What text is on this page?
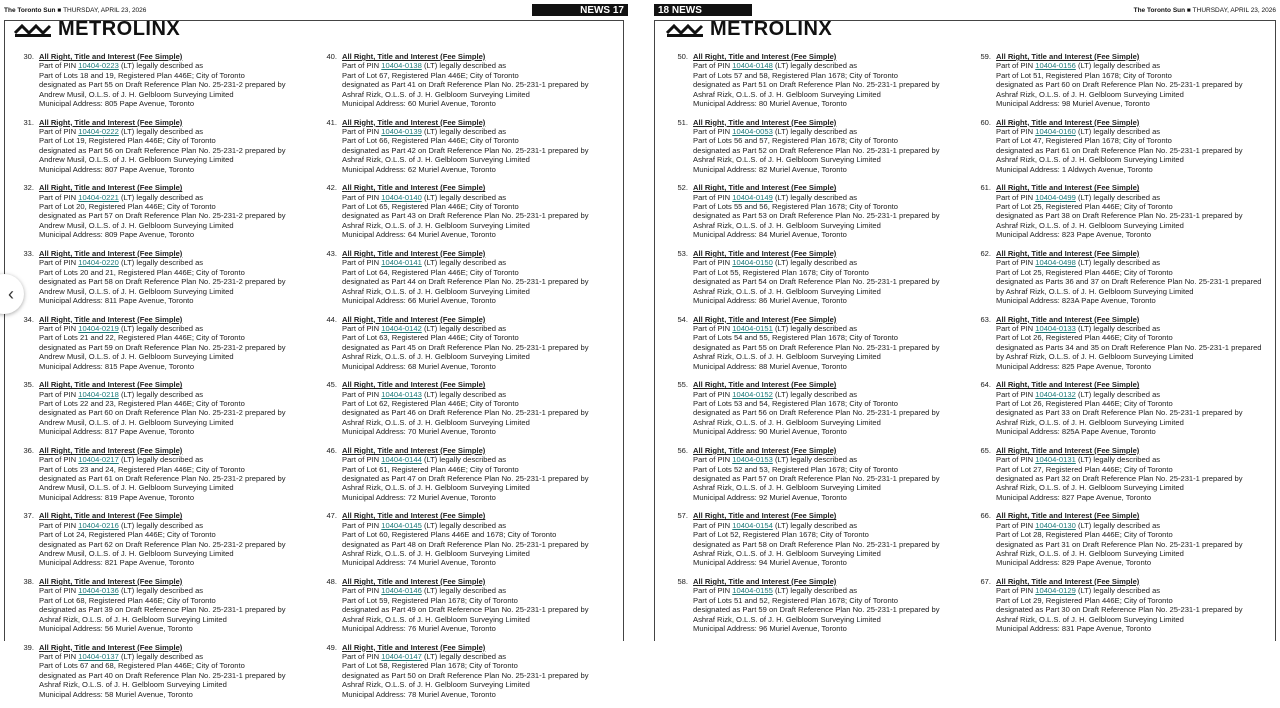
The Toronto Sun ■ THURSDAY, APRIL 23, 2026	NEWS 17
METROLINX
30. All Right, Title and Interest (Fee Simple)
Part of PIN 10404-0223 (LT) legally described as
Part of Lots 18 and 19, Registered Plan 446E; City of Toronto
designated as Part 55 on Draft Reference Plan No. 25-231-2 prepared by
Andrew Musil, O.L.S. of J. H. Gelbloom Surveying Limited
Municipal Address: 805 Pape Avenue, Toronto
31. All Right, Title and Interest (Fee Simple)
Part of PIN 10404-0222 (LT) legally described as
Part of Lot 19, Registered Plan 446E; City of Toronto
designated as Part 56 on Draft Reference Plan No. 25-231-2 prepared by
Andrew Musil, O.L.S. of J. H. Gelbloom Surveying Limited
Municipal Address: 807 Pape Avenue, Toronto
32. All Right, Title and Interest (Fee Simple)
Part of PIN 10404-0221 (LT) legally described as
Part of Lot 20, Registered Plan 446E; City of Toronto
designated as Part 57 on Draft Reference Plan No. 25-231-2 prepared by
Andrew Musil, O.L.S. of J. H. Gelbloom Surveying Limited
Municipal Address: 809 Pape Avenue, Toronto
33. All Right, Title and Interest (Fee Simple)
Part of PIN 10404-0220 (LT) legally described as
Part of Lots 20 and 21, Registered Plan 446E; City of Toronto
designated as Part 58 on Draft Reference Plan No. 25-231-2 prepared by
Andrew Musil, O.L.S. of J. H. Gelbloom Surveying Limited
Municipal Address: 811 Pape Avenue, Toronto
34. All Right, Title and Interest (Fee Simple)
Part of PIN 10404-0219 (LT) legally described as
Part of Lots 21 and 22, Registered Plan 446E; City of Toronto
designated as Part 59 on Draft Reference Plan No. 25-231-2 prepared by
Andrew Musil, O.L.S. of J. H. Gelbloom Surveying Limited
Municipal Address: 815 Pape Avenue, Toronto
35. All Right, Title and Interest (Fee Simple)
Part of PIN 10404-0218 (LT) legally described as
Part of Lots 22 and 23, Registered Plan 446E; City of Toronto
designated as Part 60 on Draft Reference Plan No. 25-231-2 prepared by
Andrew Musil, O.L.S. of J. H. Gelbloom Surveying Limited
Municipal Address: 817 Pape Avenue, Toronto
36. All Right, Title and Interest (Fee Simple)
Part of PIN 10404-0217 (LT) legally described as
Part of Lots 23 and 24, Registered Plan 446E; City of Toronto
designated as Part 61 on Draft Reference Plan No. 25-231-2 prepared by
Andrew Musil, O.L.S. of J. H. Gelbloom Surveying Limited
Municipal Address: 819 Pape Avenue, Toronto
37. All Right, Title and Interest (Fee Simple)
Part of PIN 10404-0216 (LT) legally described as
Part of Lot 24, Registered Plan 446E; City of Toronto
designated as Part 62 on Draft Reference Plan No. 25-231-2 prepared by
Andrew Musil, O.L.S. of J. H. Gelbloom Surveying Limited
Municipal Address: 821 Pape Avenue, Toronto
38. All Right, Title and Interest (Fee Simple)
Part of PIN 10404-0136 (LT) legally described as
Part of Lot 68, Registered Plan 446E; City of Toronto
designated as Part 39 on Draft Reference Plan No. 25-231-1 prepared by
Ashraf Rizk, O.L.S. of J. H. Gelbloom Surveying Limited
Municipal Address: 56 Muriel Avenue, Toronto
39. All Right, Title and Interest (Fee Simple)
Part of PIN 10404-0137 (LT) legally described as
Part of Lots 67 and 68, Registered Plan 446E; City of Toronto
designated as Part 40 on Draft Reference Plan No. 25-231-1 prepared by
Ashraf Rizk, O.L.S. of J. H. Gelbloom Surveying Limited
Municipal Address: 58 Muriel Avenue, Toronto
40. All Right, Title and Interest (Fee Simple)
Part of PIN 10404-0138 (LT) legally described as
Part of Lot 67, Registered Plan 446E; City of Toronto
designated as Part 41 on Draft Reference Plan No. 25-231-1 prepared by
Ashraf Rizk, O.L.S. of J. H. Gelbloom Surveying Limited
Municipal Address: 60 Muriel Avenue, Toronto
41. All Right, Title and Interest (Fee Simple)
Part of PIN 10404-0139 (LT) legally described as
Part of Lot 66, Registered Plan 446E; City of Toronto
designated as Part 42 on Draft Reference Plan No. 25-231-1 prepared by
Ashraf Rizk, O.L.S. of J. H. Gelbloom Surveying Limited
Municipal Address: 62 Muriel Avenue, Toronto
42. All Right, Title and Interest (Fee Simple)
Part of PIN 10404-0140 (LT) legally described as
Part of Lot 65, Registered Plan 446E; City of Toronto
designated as Part 43 on Draft Reference Plan No. 25-231-1 prepared by
Ashraf Rizk, O.L.S. of J. H. Gelbloom Surveying Limited
Municipal Address: 64 Muriel Avenue, Toronto
43. All Right, Title and Interest (Fee Simple)
Part of PIN 10404-0141 (LT) legally described as
Part of Lot 64, Registered Plan 446E; City of Toronto
designated as Part 44 on Draft Reference Plan No. 25-231-1 prepared by
Ashraf Rizk, O.L.S. of J. H. Gelbloom Surveying Limited
Municipal Address: 66 Muriel Avenue, Toronto
44. All Right, Title and Interest (Fee Simple)
Part of PIN 10404-0142 (LT) legally described as
Part of Lot 63, Registered Plan 446E; City of Toronto
designated as Part 45 on Draft Reference Plan No. 25-231-1 prepared by
Ashraf Rizk, O.L.S. of J. H. Gelbloom Surveying Limited
Municipal Address: 68 Muriel Avenue, Toronto
45. All Right, Title and Interest (Fee Simple)
Part of PIN 10404-0143 (LT) legally described as
Part of Lot 62, Registered Plan 446E; City of Toronto
designated as Part 46 on Draft Reference Plan No. 25-231-1 prepared by
Ashraf Rizk, O.L.S. of J. H. Gelbloom Surveying Limited
Municipal Address: 70 Muriel Avenue, Toronto
46. All Right, Title and Interest (Fee Simple)
Part of PIN 10404-0144 (LT) legally described as
Part of Lot 61, Registered Plan 446E; City of Toronto
designated as Part 47 on Draft Reference Plan No. 25-231-1 prepared by
Ashraf Rizk, O.L.S. of J. H. Gelbloom Surveying Limited
Municipal Address: 72 Muriel Avenue, Toronto
47. All Right, Title and Interest (Fee Simple)
Part of PIN 10404-0145 (LT) legally described as
Part of Lot 60, Registered Plans 446E and 1678; City of Toronto
designated as Part 48 on Draft Reference Plan No. 25-231-1 prepared by
Ashraf Rizk, O.L.S. of J. H. Gelbloom Surveying Limited
Municipal Address: 74 Muriel Avenue, Toronto
48. All Right, Title and Interest (Fee Simple)
Part of PIN 10404-0146 (LT) legally described as
Part of Lot 59, Registered Plan 1678; City of Toronto
designated as Part 49 on Draft Reference Plan No. 25-231-1 prepared by
Ashraf Rizk, O.L.S. of J. H. Gelbloom Surveying Limited
Municipal Address: 76 Muriel Avenue, Toronto
49. All Right, Title and Interest (Fee Simple)
Part of PIN 10404-0147 (LT) legally described as
Part of Lot 58, Registered Plan 1678; City of Toronto
designated as Part 50 on Draft Reference Plan No. 25-231-1 prepared by
Ashraf Rizk, O.L.S. of J. H. Gelbloom Surveying Limited
Municipal Address: 78 Muriel Avenue, Toronto
‹
18 NEWS	The Toronto Sun ■ THURSDAY, APRIL 23, 2026
METROLINX
50. All Right, Title and Interest (Fee Simple)
Part of PIN 10404-0148 (LT) legally described as
Part of Lots 57 and 58, Registered Plan 1678; City of Toronto
designated as Part 51 on Draft Reference Plan No. 25-231-1 prepared by
Ashraf Rizk, O.L.S. of J. H. Gelbloom Surveying Limited
Municipal Address: 80 Muriel Avenue, Toronto
51. All Right, Title and Interest (Fee Simple)
Part of PIN 10404-0053 (LT) legally described as
Part of Lots 56 and 57, Registered Plan 1678; City of Toronto
designated as Part 52 on Draft Reference Plan No. 25-231-1 prepared by
Ashraf Rizk, O.L.S. of J. H. Gelbloom Surveying Limited
Municipal Address: 82 Muriel Avenue, Toronto
52. All Right, Title and Interest (Fee Simple)
Part of PIN 10404-0149 (LT) legally described as
Part of Lots 55 and 56, Registered Plan 1678; City of Toronto
designated as Part 53 on Draft Reference Plan No. 25-231-1 prepared by
Ashraf Rizk, O.L.S. of J. H. Gelbloom Surveying Limited
Municipal Address: 84 Muriel Avenue, Toronto
53. All Right, Title and Interest (Fee Simple)
Part of PIN 10404-0150 (LT) legally described as
Part of Lot 55, Registered Plan 1678; City of Toronto
designated as Part 54 on Draft Reference Plan No. 25-231-1 prepared by
Ashraf Rizk, O.L.S. of J. H. Gelbloom Surveying Limited
Municipal Address: 86 Muriel Avenue, Toronto
54. All Right, Title and Interest (Fee Simple)
Part of PIN 10404-0151 (LT) legally described as
Part of Lots 54 and 55, Registered Plan 1678; City of Toronto
designated as Part 55 on Draft Reference Plan No. 25-231-1 prepared by
Ashraf Rizk, O.L.S. of J. H. Gelbloom Surveying Limited
Municipal Address: 88 Muriel Avenue, Toronto
55. All Right, Title and Interest (Fee Simple)
Part of PIN 10404-0152 (LT) legally described as
Part of Lots 53 and 54, Registered Plan 1678; City of Toronto
designated as Part 56 on Draft Reference Plan No. 25-231-1 prepared by
Ashraf Rizk, O.L.S. of J. H. Gelbloom Surveying Limited
Municipal Address: 90 Muriel Avenue, Toronto
56. All Right, Title and Interest (Fee Simple)
Part of PIN 10404-0153 (LT) legally described as
Part of Lots 52 and 53, Registered Plan 1678; City of Toronto
designated as Part 57 on Draft Reference Plan No. 25-231-1 prepared by
Ashraf Rizk, O.L.S. of J. H. Gelbloom Surveying Limited
Municipal Address: 92 Muriel Avenue, Toronto
57. All Right, Title and Interest (Fee Simple)
Part of PIN 10404-0154 (LT) legally described as
Part of Lot 52, Registered Plan 1678; City of Toronto
designated as Part 58 on Draft Reference Plan No. 25-231-1 prepared by
Ashraf Rizk, O.L.S. of J. H. Gelbloom Surveying Limited
Municipal Address: 94 Muriel Avenue, Toronto
58. All Right, Title and Interest (Fee Simple)
Part of PIN 10404-0155 (LT) legally described as
Part of Lots 51 and 52, Registered Plan 1678; City of Toronto
designated as Part 59 on Draft Reference Plan No. 25-231-1 prepared by
Ashraf Rizk, O.L.S. of J. H. Gelbloom Surveying Limited
Municipal Address: 96 Muriel Avenue, Toronto
59. All Right, Title and Interest (Fee Simple)
Part of PIN 10404-0156 (LT) legally described as
Part of Lot 51, Registered Plan 1678; City of Toronto
designated as Part 60 on Draft Reference Plan No. 25-231-1 prepared by
Ashraf Rizk, O.L.S. of J. H. Gelbloom Surveying Limited
Municipal Address: 98 Muriel Avenue, Toronto
60. All Right, Title and Interest (Fee Simple)
Part of PIN 10404-0160 (LT) legally described as
Part of Lot 47, Registered Plan 1678; City of Toronto
designated as Part 61 on Draft Reference Plan No. 25-231-1 prepared by
Ashraf Rizk, O.L.S. of J. H. Gelbloom Surveying Limited
Municipal Address: 1 Aldwych Avenue, Toronto
61. All Right, Title and Interest (Fee Simple)
Part of PIN 10404-0499 (LT) legally described as
Part of Lot 25, Registered Plan 446E; City of Toronto
designated as Part 38 on Draft Reference Plan No. 25-231-1 prepared by
Ashraf Rizk, O.L.S. of J. H. Gelbloom Surveying Limited
Municipal Address: 823 Pape Avenue, Toronto
62. All Right, Title and Interest (Fee Simple)
Part of PIN 10404-0498 (LT) legally described as
Part of Lot 25, Registered Plan 446E; City of Toronto
designated as Parts 36 and 37 on Draft Reference Plan No. 25-231-1 prepared
by Ashraf Rizk, O.L.S. of J. H. Gelbloom Surveying Limited
Municipal Address: 823A Pape Avenue, Toronto
63. All Right, Title and Interest (Fee Simple)
Part of PIN 10404-0133 (LT) legally described as
Part of Lot 26, Registered Plan 446E; City of Toronto
designated as Parts 34 and 35 on Draft Reference Plan No. 25-231-1 prepared
by Ashraf Rizk, O.L.S. of J. H. Gelbloom Surveying Limited
Municipal Address: 825 Pape Avenue, Toronto
64. All Right, Title and Interest (Fee Simple)
Part of PIN 10404-0132 (LT) legally described as
Part of Lot 26, Registered Plan 446E; City of Toronto
designated as Part 33 on Draft Reference Plan No. 25-231-1 prepared by
Ashraf Rizk, O.L.S. of J. H. Gelbloom Surveying Limited
Municipal Address: 825A Pape Avenue, Toronto
65. All Right, Title and Interest (Fee Simple)
Part of PIN 10404-0131 (LT) legally described as
Part of Lot 27, Registered Plan 446E; City of Toronto
designated as Part 32 on Draft Reference Plan No. 25-231-1 prepared by
Ashraf Rizk, O.L.S. of J. H. Gelbloom Surveying Limited
Municipal Address: 827 Pape Avenue, Toronto
66. All Right, Title and Interest (Fee Simple)
Part of PIN 10404-0130 (LT) legally described as
Part of Lot 28, Registered Plan 446E; City of Toronto
designated as Part 31 on Draft Reference Plan No. 25-231-1 prepared by
Ashraf Rizk, O.L.S. of J. H. Gelbloom Surveying Limited
Municipal Address: 829 Pape Avenue, Toronto
67. All Right, Title and Interest (Fee Simple)
Part of PIN 10404-0129 (LT) legally described as
Part of Lot 29, Registered Plan 446E; City of Toronto
designated as Part 30 on Draft Reference Plan No. 25-231-1 prepared by
Ashraf Rizk, O.L.S. of J. H. Gelbloom Surveying Limited
Municipal Address: 831 Pape Avenue, Toronto
